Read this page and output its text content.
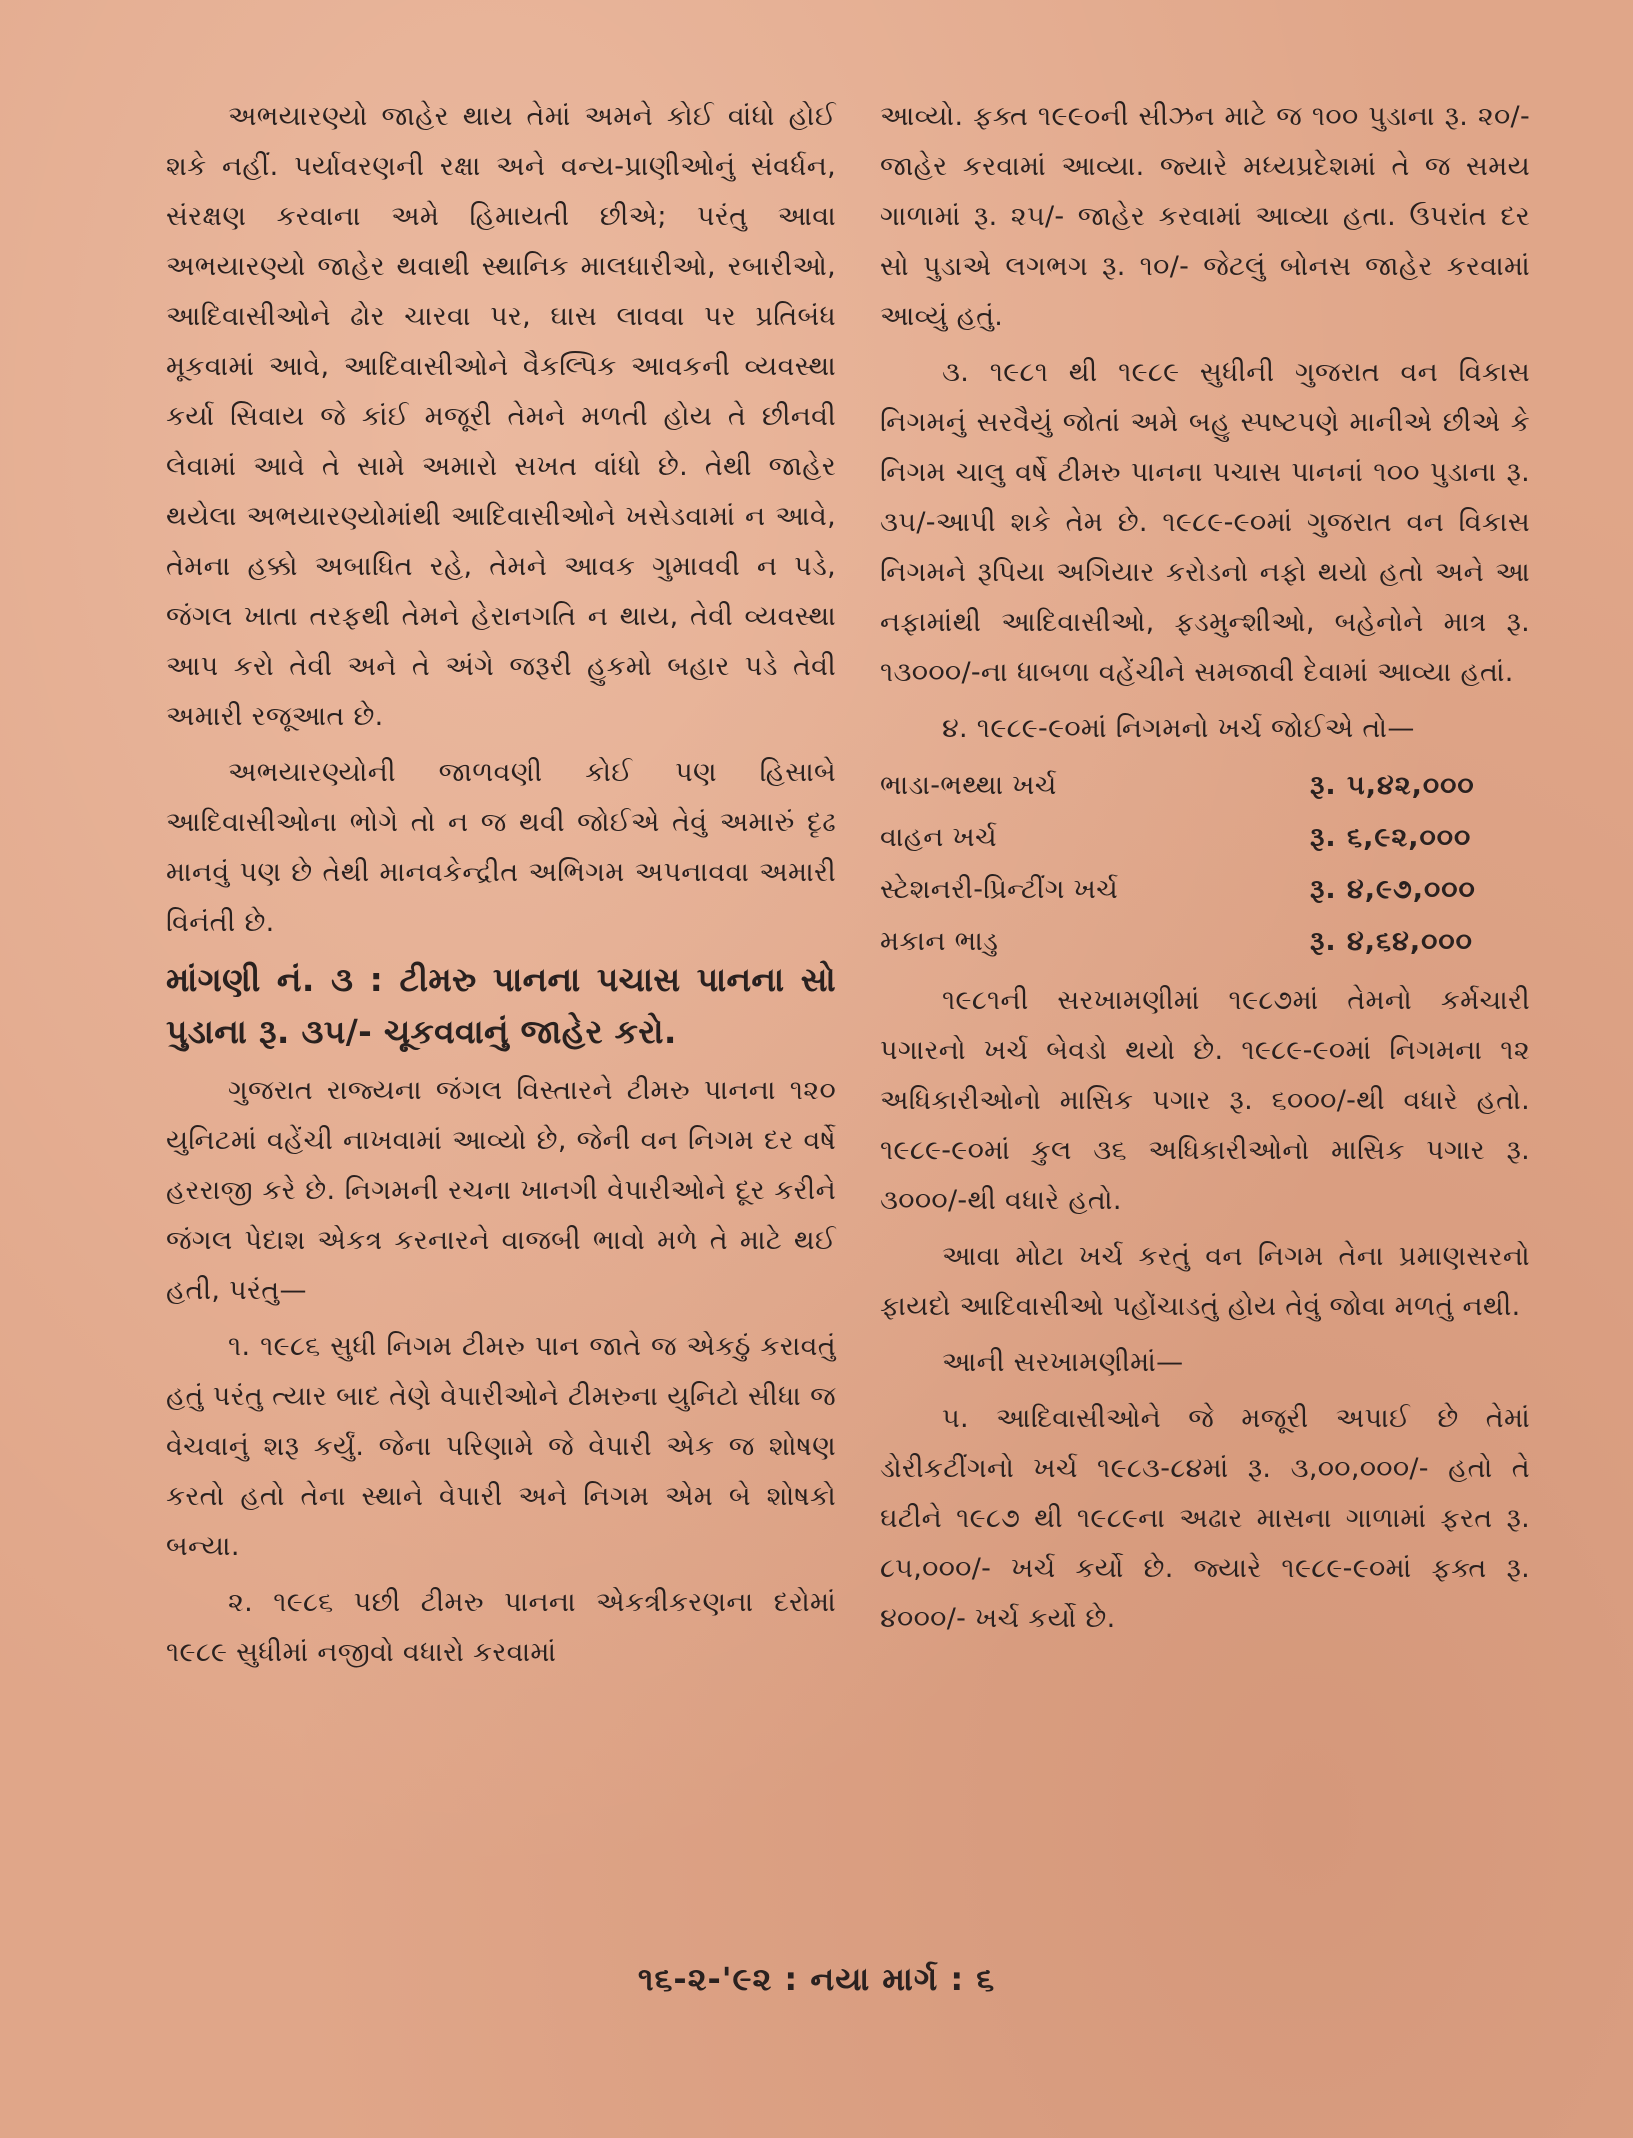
અભયારણ્યો જાહેર થાય તેમાં અમને કોઈ વાંધો હોઈ શકે નહીં. પર્યાવરણની રક્ષા અને વન્ય-પ્રાણીઓનું સંવર્ધન, સંરક્ષણ કરવાના અમે હિમાયતી છીએ; પરંતુ આવા અભયારણ્યો જાહેર થવાથી સ્થાનિક માલધારીઓ, રબારીઓ, આદિવાસીઓને ઢોર ચારવા પર, ઘાસ લાવવા પર પ્રતિબંધ મૂકવામાં આવે, આદિવાસીઓને વૈકલ્પિક આવકની વ્યવસ્થા કર્યા સિવાય જે કાંઈ મજૂરી તેમને મળતી હોય તે છીનવી લેવામાં આવે તે સામે અમારો સખત વાંધો છે. તેથી જાહેર થયેલા અભયારણ્યોમાંથી આદિવાસીઓને ખસેડવામાં ન આવે, તેમના હક્કો અબાધિત રહે, તેમને આવક ગુમાવવી ન પડે, જંગલ ખાતા તરફથી તેમને હેરાનગતિ ન થાય, તેવી વ્યવસ્થા આપ કરો તેવી અને તે અંગે જરૂરી હુકમો બહાર પડે તેવી અમારી રજૂઆત છે.

અભયારણ્યોની જાળવણી કોઈ પણ હિસાબે આદિવાસીઓના ભોગે તો ન જ થવી જોઈએ તેવું અમારું દૃઢ માનવું પણ છે તેથી માનવકેન્દ્રીત અભિગમ અપનાવવા અમારી વિનંતી છે.

માંગણી નં. ૩ : ટીમરુ પાનના પચાસ પાનના સો પુડાના રૂ. ૩૫/- ચૂકવવાનું જાહેર કરો.

ગુજરાત રાજ્યના જંગલ વિસ્તારને ટીમરુ પાનના ૧૨૦ યુનિટમાં વહેંચી નાખવામાં આવ્યો છે, જેની વન નિગમ દર વર્ષે હરરાજી કરે છે. નિગમની રચના ખાનગી વેપારીઓને દૂર કરીને જંગલ પેદાશ એકત્ર કરનારને વાજબી ભાવો મળે તે માટે થઈ હતી, પરંતુ—

૧. ૧૯૮૬ સુધી નિગમ ટીમરુ પાન જાતે જ એકઠું કરાવતું હતું પરંતુ ત્યાર બાદ તેણે વેપારીઓને ટીમરુના યુનિટો સીધા જ વેચવાનું શરૂ કર્યું. જેના પરિણામે જે વેપારી એક જ શોષણ કરતો હતો તેના સ્થાને વેપારી અને નિગમ એમ બે શોષકો બન્યા.

૨. ૧૯૮૬ પછી ટીમરુ પાનના એકત્રીકરણના દરોમાં ૧૯૮૯ સુધીમાં નજીવો વધારો કરવામાં

આવ્યો. ફક્ત ૧૯૯૦ની સીઝન માટે જ ૧૦૦ પુડાના રૂ. ૨૦/- જાહેર કરવામાં આવ્યા. જ્યારે મધ્યપ્રદેશમાં તે જ સમય ગાળામાં રૂ. ૨૫/- જાહેર કરવામાં આવ્યા હતા. ઉપરાંત દર સો પુડાએ લગભગ રૂ. ૧૦/- જેટલું બોનસ જાહેર કરવામાં આવ્યું હતું.

૩. ૧૯૮૧ થી ૧૯૮૯ સુધીની ગુજરાત વન વિકાસ નિગમનું સરવૈયું જોતાં અમે બહુ સ્પષ્ટપણે માનીએ છીએ કે નિગમ ચાલુ વર્ષે ટીમરુ પાનના પચાસ પાનનાં ૧૦૦ પુડાના રૂ. ૩૫/-આપી શકે તેમ છે. ૧૯૮૯-૯૦માં ગુજરાત વન વિકાસ નિગમને રૂપિયા અગિયાર કરોડનો નફો થયો હતો અને આ નફામાંથી આદિવાસીઓ, ફડમુન્શીઓ, બહેનોને માત્ર રૂ. ૧૩૦૦૦/-ના ધાબળા વહેંચીને સમજાવી દેવામાં આવ્યા હતાં.

૪. ૧૯૮૯-૯૦માં નિગમનો ખર્ચ જોઈએ તો—

ભાડા-ભથ્થા ખર્ચ	રૂ. ૫,૪૨,૦૦૦
વાહન ખર્ચ	રૂ. ૬,૯૨,૦૦૦
સ્ટેશનરી-પ્રિન્ટીંગ ખર્ચ	રૂ. ૪,૯૭,૦૦૦
મકાન ભાડુ	રૂ. ૪,૬૪,૦૦૦

૧૯૮૧ની સરખામણીમાં ૧૯૮૭માં તેમનો કર્મચારી પગારનો ખર્ચ બેવડો થયો છે. ૧૯૮૯-૯૦માં નિગમના ૧૨ અધિકારીઓનો માસિક પગાર રૂ. ૬૦૦૦/-થી વધારે હતો. ૧૯૮૯-૯૦માં કુલ ૩૬ અધિકારીઓનો માસિક પગાર રૂ. ૩૦૦૦/-થી વધારે હતો.

આવા મોટા ખર્ચ કરતું વન નિગમ તેના પ્રમાણસરનો ફાયદો આદિવાસીઓ પહોંચાડતું હોય તેવું જોવા મળતું નથી.

આની સરખામણીમાં—

૫. આદિવાસીઓને જે મજૂરી અપાઈ છે તેમાં ડોરીકટીંગનો ખર્ચ ૧૯૮૩-૮૪માં રૂ. ૩,૦૦,૦૦૦/- હતો તે ઘટીને ૧૯૮૭ થી ૧૯૮૯ના અઢાર માસના ગાળામાં ફરત રૂ. ૮૫,૦૦૦/- ખર્ચ કર્યો છે. જ્યારે ૧૯૮૯-૯૦માં ફક્ત રૂ. ૪૦૦૦/- ખર્ચ કર્યો છે.

૧૬-૨-'૯૨ : નયા માર્ગ : ૬
